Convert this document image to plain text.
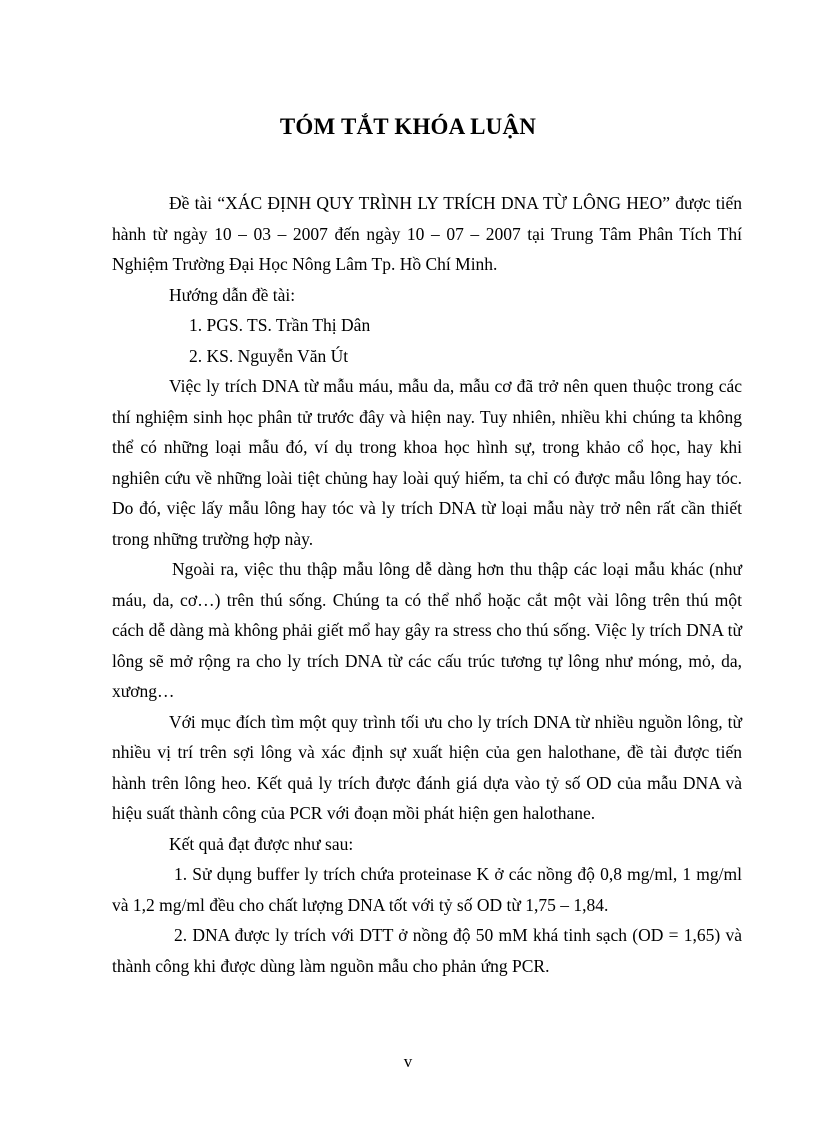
TÓM TẮT KHÓA LUẬN

Đề tài “XÁC ĐỊNH QUY TRÌNH LY TRÍCH DNA TỪ LÔNG HEO” được tiến hành từ ngày 10 – 03 – 2007 đến ngày 10 – 07 – 2007 tại Trung Tâm Phân Tích Thí Nghiệm Trường Đại Học Nông Lâm Tp. Hồ Chí Minh.

Hướng dẫn đề tài:

1. PGS. TS. Trần Thị Dân

2. KS. Nguyễn Văn Út

Việc ly trích DNA từ mẫu máu, mẫu da, mẫu cơ đã trở nên quen thuộc trong các thí nghiệm sinh học phân tử trước đây và hiện nay. Tuy nhiên, nhiều khi chúng ta không thể có những loại mẫu đó, ví dụ trong khoa học hình sự, trong khảo cổ học, hay khi nghiên cứu về những loài tiệt chủng hay loài quý hiếm, ta chỉ có được mẫu lông hay tóc. Do đó, việc lấy mẫu lông hay tóc và ly trích DNA từ loại mẫu này trở nên rất cần thiết trong những trường hợp này.

Ngoài ra, việc thu thập mẫu lông dễ dàng hơn thu thập các loại mẫu khác (như máu, da, cơ…) trên thú sống. Chúng ta có thể nhổ hoặc cắt một vài lông trên thú một cách dễ dàng mà không phải giết mổ hay gây ra stress cho thú sống. Việc ly trích DNA từ lông sẽ mở rộng ra cho ly trích DNA từ các cấu trúc tương tự lông như móng, mỏ, da, xương…

Với mục đích tìm một quy trình tối ưu cho ly trích DNA từ nhiều nguồn lông, từ nhiều vị trí trên sợi lông và xác định sự xuất hiện của gen halothane, đề tài được tiến hành trên lông heo. Kết quả ly trích được đánh giá dựa vào tỷ số OD của mẫu DNA và hiệu suất thành công của PCR với đoạn mồi phát hiện gen halothane.

Kết quả đạt được như sau:

1. Sử dụng buffer ly trích chứa proteinase K ở các nồng độ 0,8 mg/ml, 1 mg/ml và 1,2 mg/ml đều cho chất lượng DNA tốt với tỷ số OD từ 1,75 – 1,84.

2. DNA được ly trích với DTT ở nồng độ 50 mM khá tinh sạch (OD = 1,65) và thành công khi được dùng làm nguồn mẫu cho phản ứng PCR.

v
